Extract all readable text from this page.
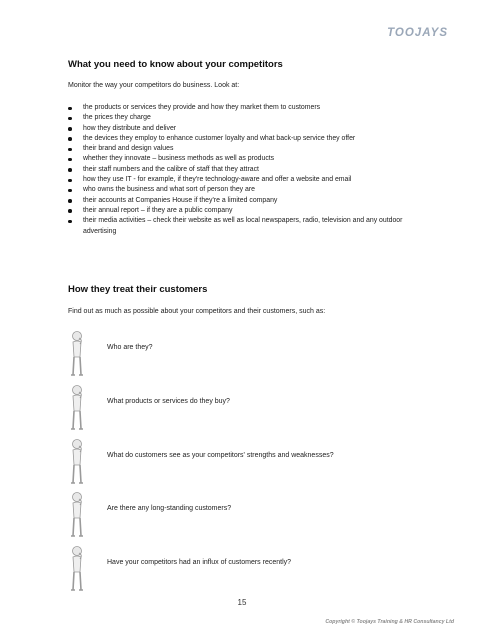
TOOJAYS
What you need to know about your competitors

Monitor the way your competitors do business. Look at:

the products or services they provide and how they market them to customers
the prices they charge
how they distribute and deliver
the devices they employ to enhance customer loyalty and what back-up service they offer
their brand and design values
whether they innovate – business methods as well as products
their staff numbers and the calibre of staff that they attract
how they use IT - for example, if they're technology-aware and offer a website and email
who owns the business and what sort of person they are
their accounts at Companies House if they're a limited company
their annual report – if they are a public company
their media activities – check their website as well as local newspapers, radio, television and any outdoor advertising
How they treat their customers

Find out as much as possible about your competitors and their customers, such as:

Who are they?
What products or services do they buy?
What do customers see as your competitors' strengths and weaknesses?
Are there any long-standing customers?
Have your competitors had an influx of customers recently?
15
Copyright © Toojays Training & HR Consultancy Ltd
